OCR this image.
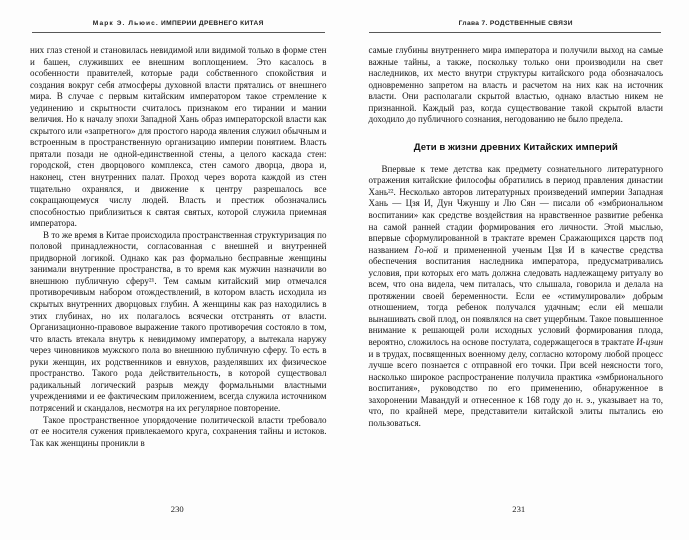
Марк Э. Льюис. ИМПЕРИИ ДРЕВНЕГО КИТАЯ

них глаз стеной и становилась невидимой или видимой только в форме стен и башен, служивших ее внешним воплощением. Это касалось в особенности правителей, которые ради собственного спокойствия и создания вокруг себя атмосферы духовной власти прятались от внешнего мира. В случае с первым китайским императором такое стремление к уединению и скрытности считалось признаком его тирании и мании величия. Но к началу эпохи Западной Хань образ императорской власти как скрытого или «запретного» для простого народа явления служил обычным и встроенным в пространственную организацию империи понятием. Власть прятали позади не одной-единственной стены, а целого каскада стен: городской, стен дворцового комплекса, стен самого дворца, двора и, наконец, стен внутренних палат. Проход через ворота каждой из стен тщательно охранялся, и движение к центру разрешалось все сокращающемуся числу людей. Власть и престиж обозначались способностью приблизиться к святая святых, которой служила приемная императора.

В то же время в Китае происходила пространственная структуризация по половой принадлежности, согласованная с внешней и внутренней придворной логикой. Однако как раз формально бесправные женщины занимали внутренние пространства, в то время как мужчин назначили во внешнюю публичную сферу²¹. Тем самым китайский мир отмечался противоречивым набором отождествлений, в котором власть исходила из скрытых внутренних дворцовых глубин. А женщины как раз находились в этих глубинах, но их полагалось всячески отстранять от власти. Организационно-правовое выражение такого противоречия состояло в том, что власть втекала внутрь к невидимому императору, а вытекала наружу через чиновников мужского пола во внешнюю публичную сферу. То есть в руки женщин, их родственников и евнухов, разделявших их физическое пространство. Такого рода действительность, в которой существовал радикальный логический разрыв между формальными властными учреждениями и ее фактическим приложением, всегда служила источником потрясений и скандалов, несмотря на их регулярное повторение.

Такое пространственное упорядочение политической власти требовало от ее носителя сужения привлекаемого круга, сохранения тайны и истоков. Так как женщины проникли в

230
Глава 7. РОДСТВЕННЫЕ СВЯЗИ

самые глубины внутреннего мира императора и получили выход на самые важные тайны, а также, поскольку только они производили на свет наследников, их место внутри структуры китайского рода обозначалось одновременно запретом на власть и расчетом на них как на источник власти. Они располагали скрытой властью, однако властью никем не признанной. Каждый раз, когда существование такой скрытой власти доходило до публичного сознания, негодованию не было предела.

Дети в жизни древних Китайских империй

Впервые к теме детства как предмету сознательного литературного отражения китайские философы обратились в период правления династии Хань²². Несколько авторов литературных произведений империи Западная Хань — Цзя И, Дун Чжуншу и Лю Сян — писали об «эмбриональном воспитании» как средстве воздействия на нравственное развитие ребенка на самой ранней стадии формирования его личности. Этой мыслью, впервые сформулированной в трактате времен Сражающихся царств под названием Го-юй и примененной ученым Цзя И в качестве средства обеспечения воспитания наследника императора, предусматривались условия, при которых его мать должна следовать надлежащему ритуалу во всем, что она видела, чем питалась, что слышала, говорила и делала на протяжении своей беременности. Если ее «стимулировали» добрым отношением, тогда ребенок получался удачным; если ей мешали вынашивать свой плод, он появлялся на свет ущербным. Такое повышенное внимание к решающей роли исходных условий формирования плода, вероятно, сложилось на основе постулата, содержащегося в трактате И-цзин и в трудах, посвященных военному делу, согласно которому любой процесс лучше всего познается с отправной его точки. При всей неясности того, насколько широкое распространение получила практика «эмбрионального воспитания», руководство по его применению, обнаруженное в захоронении Мавандуй и отнесенное к 168 году до н. э., указывает на то, что, по крайней мере, представители китайской элиты пытались ею пользоваться.

231
